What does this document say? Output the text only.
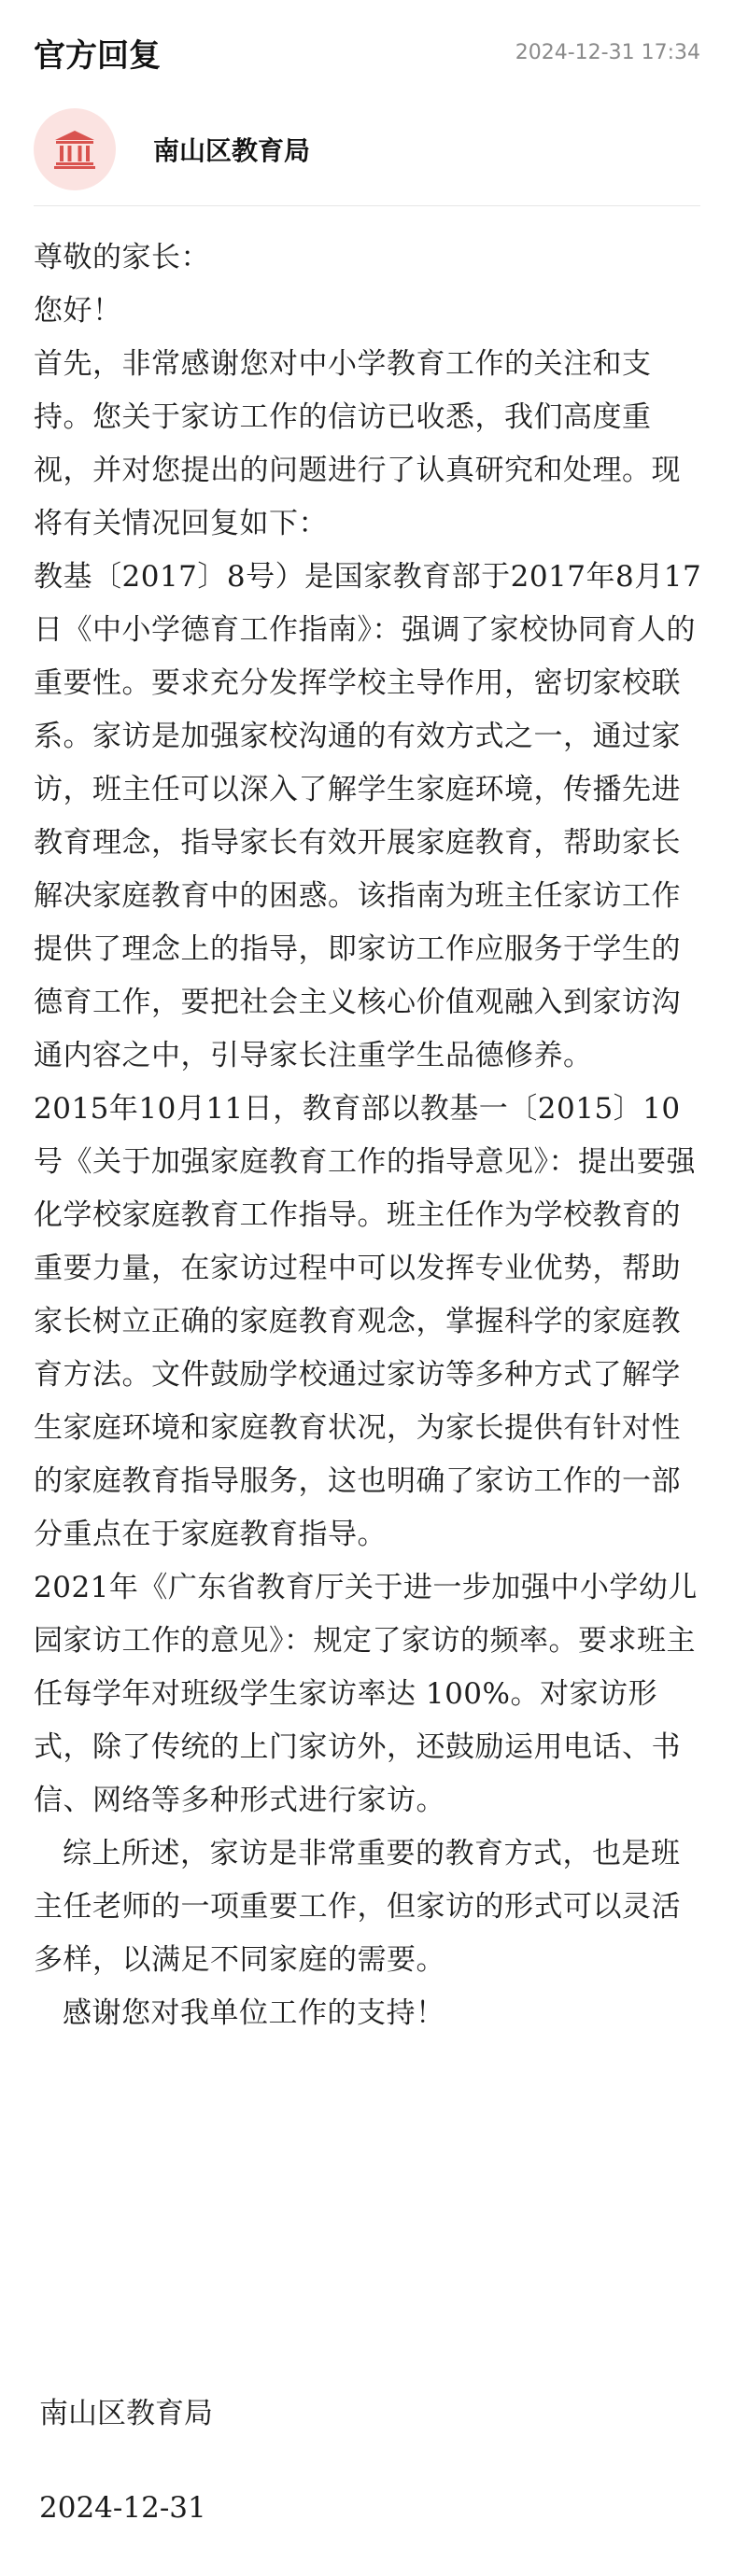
官方回复	2024-12-31 17:34
南山区教育局

尊敬的家长：

您好！

首先，非常感谢您对中小学教育工作的关注和支持。您关于家访工作的信访已收悉，我们高度重视，并对您提出的问题进行了认真研究和处理。现将有关情况回复如下：

教基〔2017〕8号）是国家教育部于2017年8月17日《中小学德育工作指南》：强调了家校协同育人的重要性。要求充分发挥学校主导作用，密切家校联系。家访是加强家校沟通的有效方式之一，通过家访，班主任可以深入了解学生家庭环境，传播先进教育理念，指导家长有效开展家庭教育，帮助家长解决家庭教育中的困惑。该指南为班主任家访工作提供了理念上的指导，即家访工作应服务于学生的德育工作，要把社会主义核心价值观融入到家访沟通内容之中，引导家长注重学生品德修养。

2015年10月11日，教育部以教基一〔2015〕10号《关于加强家庭教育工作的指导意见》：提出要强化学校家庭教育工作指导。班主任作为学校教育的重要力量，在家访过程中可以发挥专业优势，帮助家长树立正确的家庭教育观念，掌握科学的家庭教育方法。文件鼓励学校通过家访等多种方式了解学生家庭环境和家庭教育状况，为家长提供有针对性的家庭教育指导服务，这也明确了家访工作的一部分重点在于家庭教育指导。

2021年《广东省教育厅关于进一步加强中小学幼儿园家访工作的意见》：规定了家访的频率。要求班主任每学年对班级学生家访率达 100%。对家访形式，除了传统的上门家访外，还鼓励运用电话、书信、网络等多种形式进行家访。

综上所述，家访是非常重要的教育方式，也是班主任老师的一项重要工作，但家访的形式可以灵活多样，以满足不同家庭的需要。

感谢您对我单位工作的支持！

南山区教育局

2024-12-31
